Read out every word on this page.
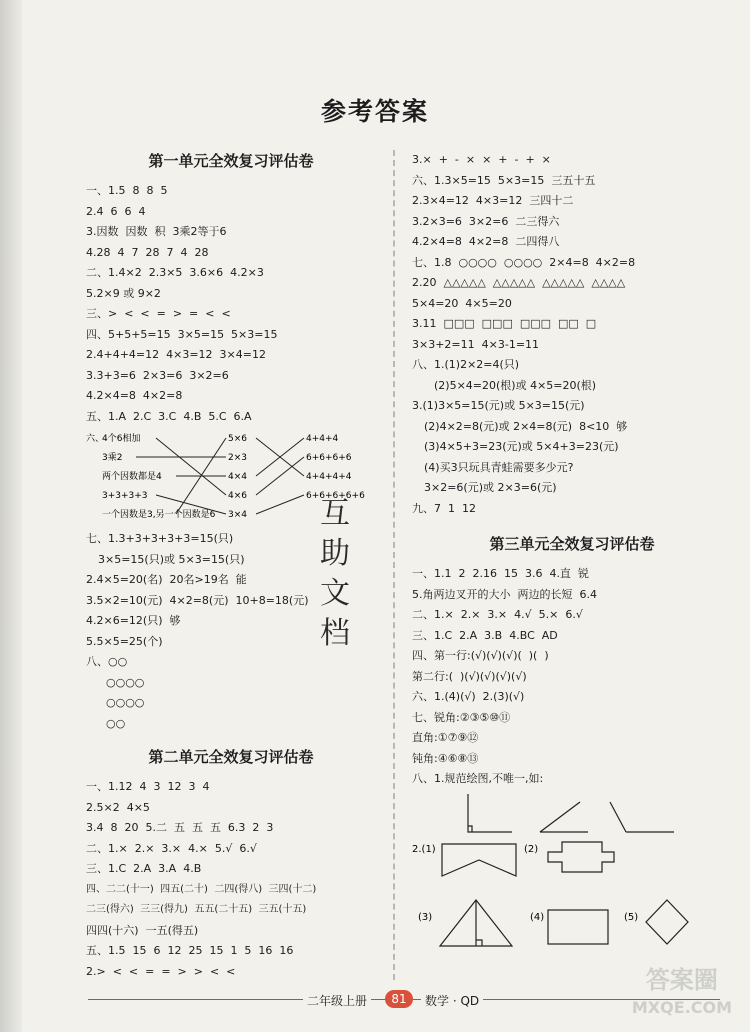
参考答案
第一单元全效复习评估卷
一、1.5  8  8  5
2.4  6  6  4
3.因数  因数  积  3乘2等于6
4.28  4  7  28  7  4  28
二、1.4×2  2.3×5  3.6×6  4.2×3
5.2×9 或 9×2
三、>  <  <  =  >  =  <  <
四、5+5+5=15  3×5=15  5×3=15
2.4+4+4=12  4×3=12  3×4=12
3.3+3=6  2×3=6  3×2=6
4.2×4=8  4×2=8
五、1.A  2.C  3.C  4.B  5.C  6.A
六、
4个6相加
3乘2
两个因数都是4
3+3+3+3
一个因数是3,另一个因数是6
5×6
2×3
4×4
4×6
3×4
4+4+4
6+6+6+6
4+4+4+4
6+6+6+6+6
七、1.3+3+3+3+3=15(只)
3×5=15(只)或 5×3=15(只)
2.4×5=20(名)  20名>19名  能
3.5×2=10(元)  4×2=8(元)  10+8=18(元)
4.2×6=12(只)  够
5.5×5=25(个)
八、○○
○○○○
○○○○
○○
第二单元全效复习评估卷
一、1.12  4  3  12  3  4
2.5×2  4×5
3.4  8  20  5.二  五  五  五  6.3  2  3
二、1.×  2.×  3.×  4.×  5.√  6.√
三、1.C  2.A  3.A  4.B
四、二二(十一)  四五(二十)  二四(得八)  三四(十二)
二三(得六)  三三(得九)  五五(二十五)  三五(十五)
四四(十六)  一五(得五)
五、1.5  15  6  12  25  15  1  5  16  16
2.>  <  <  =  =  >  >  <  <
互
助
文
档
3.×  +  -  ×  ×  +  -  +  ×
六、1.3×5=15  5×3=15  三五十五
2.3×4=12  4×3=12  三四十二
3.2×3=6  3×2=6  二三得六
4.2×4=8  4×2=8  二四得八
七、1.8  ○○○○  ○○○○  2×4=8  4×2=8
2.20  △△△△△  △△△△△  △△△△△  △△△△
5×4=20  4×5=20
3.11  □□□  □□□  □□□  □□  □
3×3+2=11  4×3-1=11
八、1.(1)2×2=4(只)
(2)5×4=20(根)或 4×5=20(根)
3.(1)3×5=15(元)或 5×3=15(元)
(2)4×2=8(元)或 2×4=8(元)  8<10  够
(3)4×5+3=23(元)或 5×4+3=23(元)
(4)买3只玩具青蛙需要多少元?
3×2=6(元)或 2×3=6(元)
九、7  1  12
第三单元全效复习评估卷
一、1.1  2  2.16  15  3.6  4.直  锐
5.角两边叉开的大小  两边的长短  6.4
二、1.×  2.×  3.×  4.√  5.×  6.√
三、1.C  2.A  3.B  4.BC  AD
四、第一行:(√)(√)(√)(  )(  )
第二行:(  )(√)(√)(√)(√)
六、1.(4)(√)  2.(3)(√)
七、锐角:②③⑤⑩⑪
直角:①⑦⑨⑫
钝角:④⑥⑧⑬
八、1.规范绘图,不唯一,如:
2.(1)	(2)
(3)	(4)	(5)
二年级上册	81	数学 · QD
答案圈
MXQE.COM
